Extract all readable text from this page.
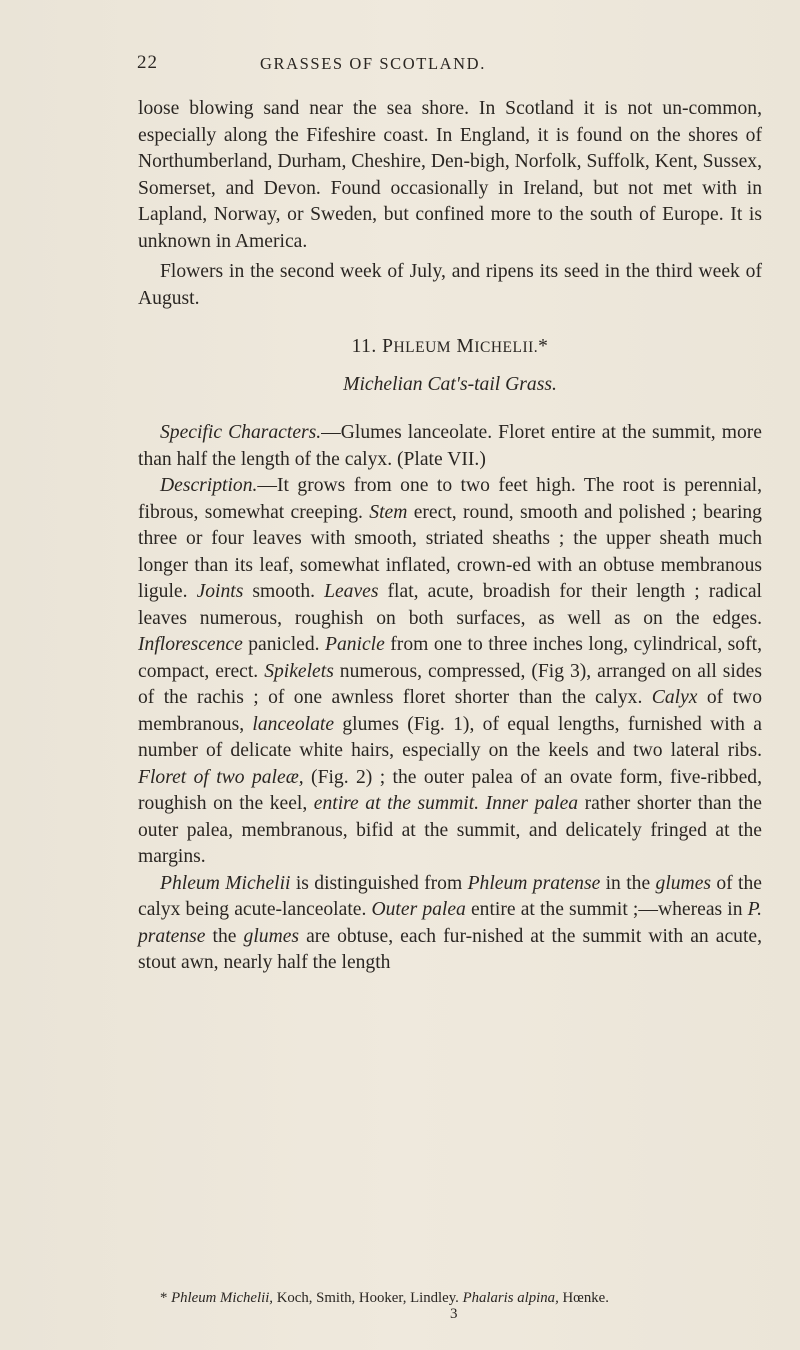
22	GRASSES OF SCOTLAND.

loose blowing sand near the sea shore. In Scotland it is not un-common, especially along the Fifeshire coast. In England, it is found on the shores of Northumberland, Durham, Cheshire, Den-bigh, Norfolk, Suffolk, Kent, Sussex, Somerset, and Devon. Found occasionally in Ireland, but not met with in Lapland, Norway, or Sweden, but confined more to the south of Europe. It is unknown in America.

Flowers in the second week of July, and ripens its seed in the third week of August.

11. PHLEUM MICHELII.*

Michelian Cat's-tail Grass.

Specific Characters.—Glumes lanceolate. Floret entire at the summit, more than half the length of the calyx. (Plate VII.)

Description.—It grows from one to two feet high. The root is perennial, fibrous, somewhat creeping. Stem erect, round, smooth and polished ; bearing three or four leaves with smooth, striated sheaths ; the upper sheath much longer than its leaf, somewhat inflated, crown-ed with an obtuse membranous ligule. Joints smooth. Leaves flat, acute, broadish for their length ; radical leaves numerous, roughish on both surfaces, as well as on the edges. Inflorescence panicled. Panicle from one to three inches long, cylindrical, soft, compact, erect. Spikelets numerous, compressed, (Fig 3), arranged on all sides of the rachis ; of one awnless floret shorter than the calyx. Calyx of two membranous, lanceolate glumes (Fig. 1), of equal lengths, furnished with a number of delicate white hairs, especially on the keels and two lateral ribs. Floret of two paleæ, (Fig. 2) ; the outer palea of an ovate form, five-ribbed, roughish on the keel, entire at the summit. Inner palea rather shorter than the outer palea, membranous, bifid at the summit, and delicately fringed at the margins.

Phleum Michelii is distinguished from Phleum pratense in the glumes of the calyx being acute-lanceolate. Outer palea entire at the summit ;—whereas in P. pratense the glumes are obtuse, each fur-nished at the summit with an acute, stout awn, nearly half the length

* Phleum Michelii, Koch, Smith, Hooker, Lindley. Phalaris alpina, Hœnke.
3
